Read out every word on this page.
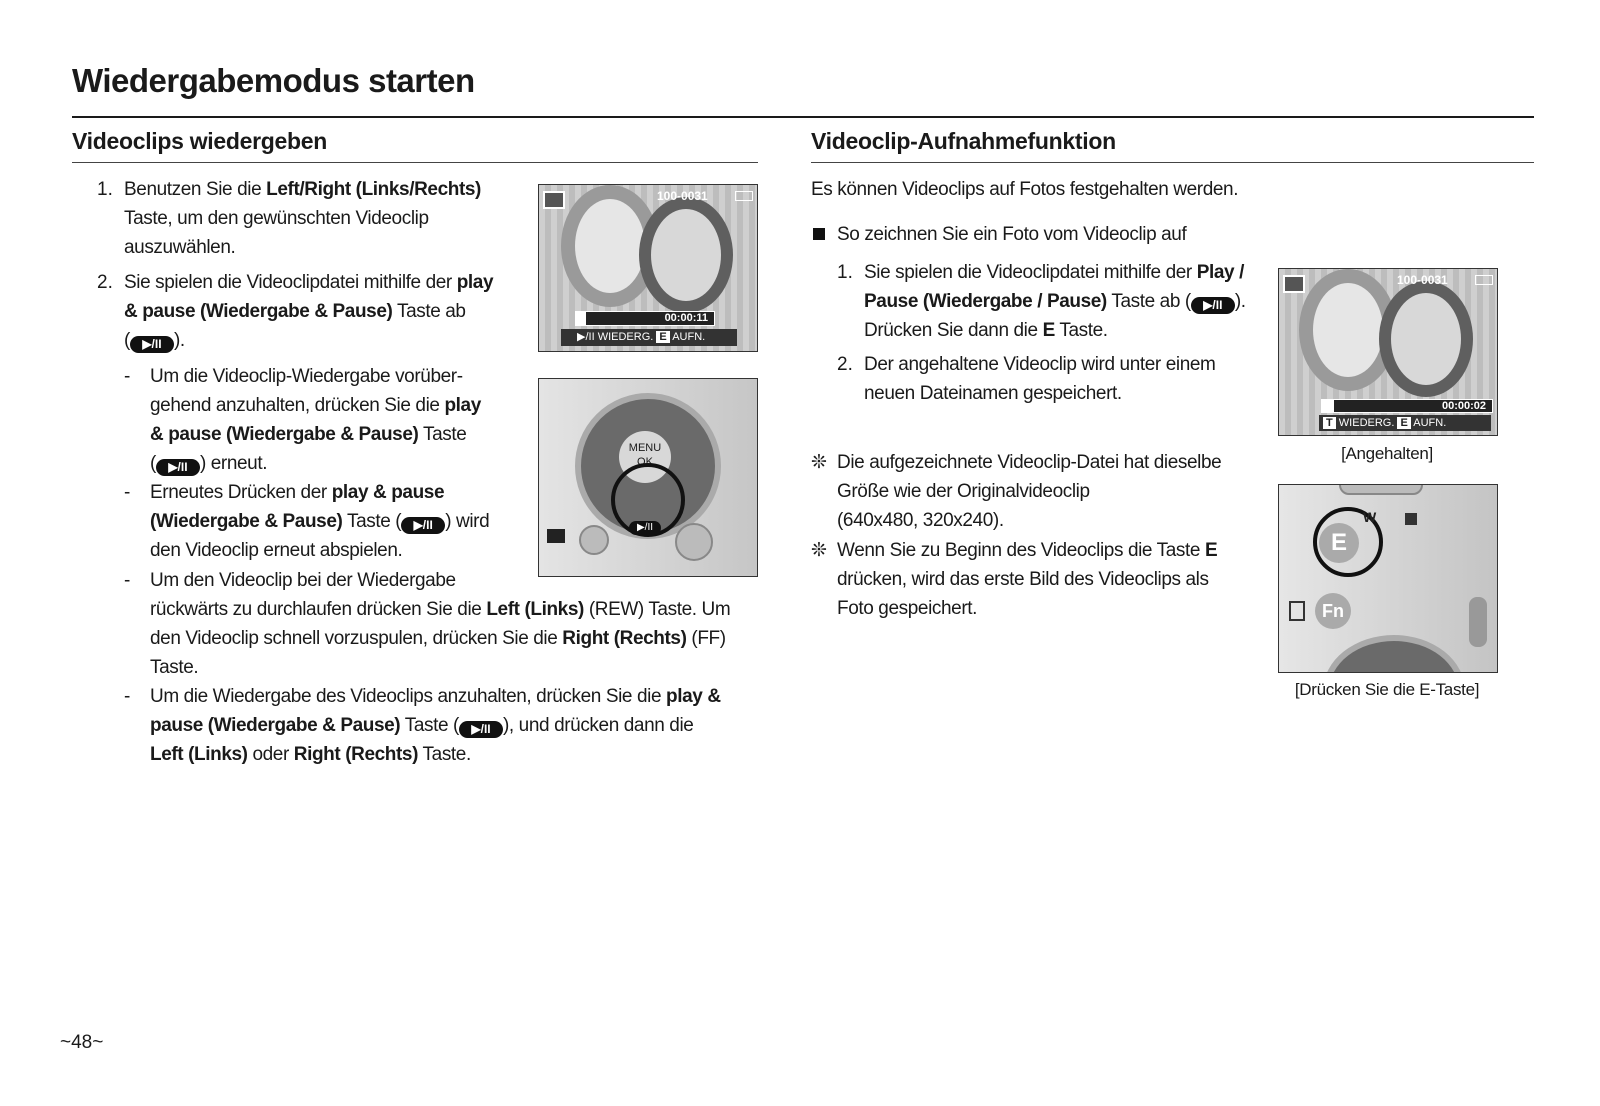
Wiedergabemodus starten
Videoclips wiedergeben
1. Benutzen Sie die Left/Right (Links/Rechts)
Taste, um den gewünschten Videoclip
auszuwählen.
2. Sie spielen die Videoclipdatei mithilfe der play
& pause (Wiedergabe & Pause) Taste ab
( ▶/II ).
- Um die Videoclip-Wiedergabe vorüber-
gehend anzuhalten, drücken Sie die play
& pause (Wiedergabe & Pause) Taste
( ▶/II ) erneut.
- Erneutes Drücken der play & pause
(Wiedergabe & Pause) Taste ( ▶/II ) wird
den Videoclip erneut abspielen.
- Um den Videoclip bei der Wiedergabe
rückwärts zu durchlaufen drücken Sie die Left (Links) (REW) Taste. Um
den Videoclip schnell vorzuspulen, drücken Sie die Right (Rechts) (FF)
Taste.
- Um die Wiedergabe des Videoclips anzuhalten, drücken Sie die play &
pause (Wiedergabe & Pause) Taste ( ▶/II ), und drücken dann die
Left (Links) oder Right (Rechts) Taste.
100-0031
00:00:11
▶/II WIEDERG. E AUFN.
MENU
OK
▶/II
Videoclip-Aufnahmefunktion
Es können Videoclips auf Fotos festgehalten werden.
So zeichnen Sie ein Foto vom Videoclip auf
1. Sie spielen die Videoclipdatei mithilfe der Play /
Pause (Wiedergabe / Pause) Taste ab ( ▶/II ).
Drücken Sie dann die E Taste.
2. Der angehaltene Videoclip wird unter einem
neuen Dateinamen gespeichert.
❊ Die aufgezeichnete Videoclip-Datei hat dieselbe
Größe wie der Originalvideoclip
(640x480, 320x240).
❊ Wenn Sie zu Beginn des Videoclips die Taste E
drücken, wird das erste Bild des Videoclips als
Foto gespeichert.
100-0031
00:00:02
T WIEDERG. E AUFN.
[Angehalten]
E
W
Fn
[Drücken Sie die E-Taste]
~48~
